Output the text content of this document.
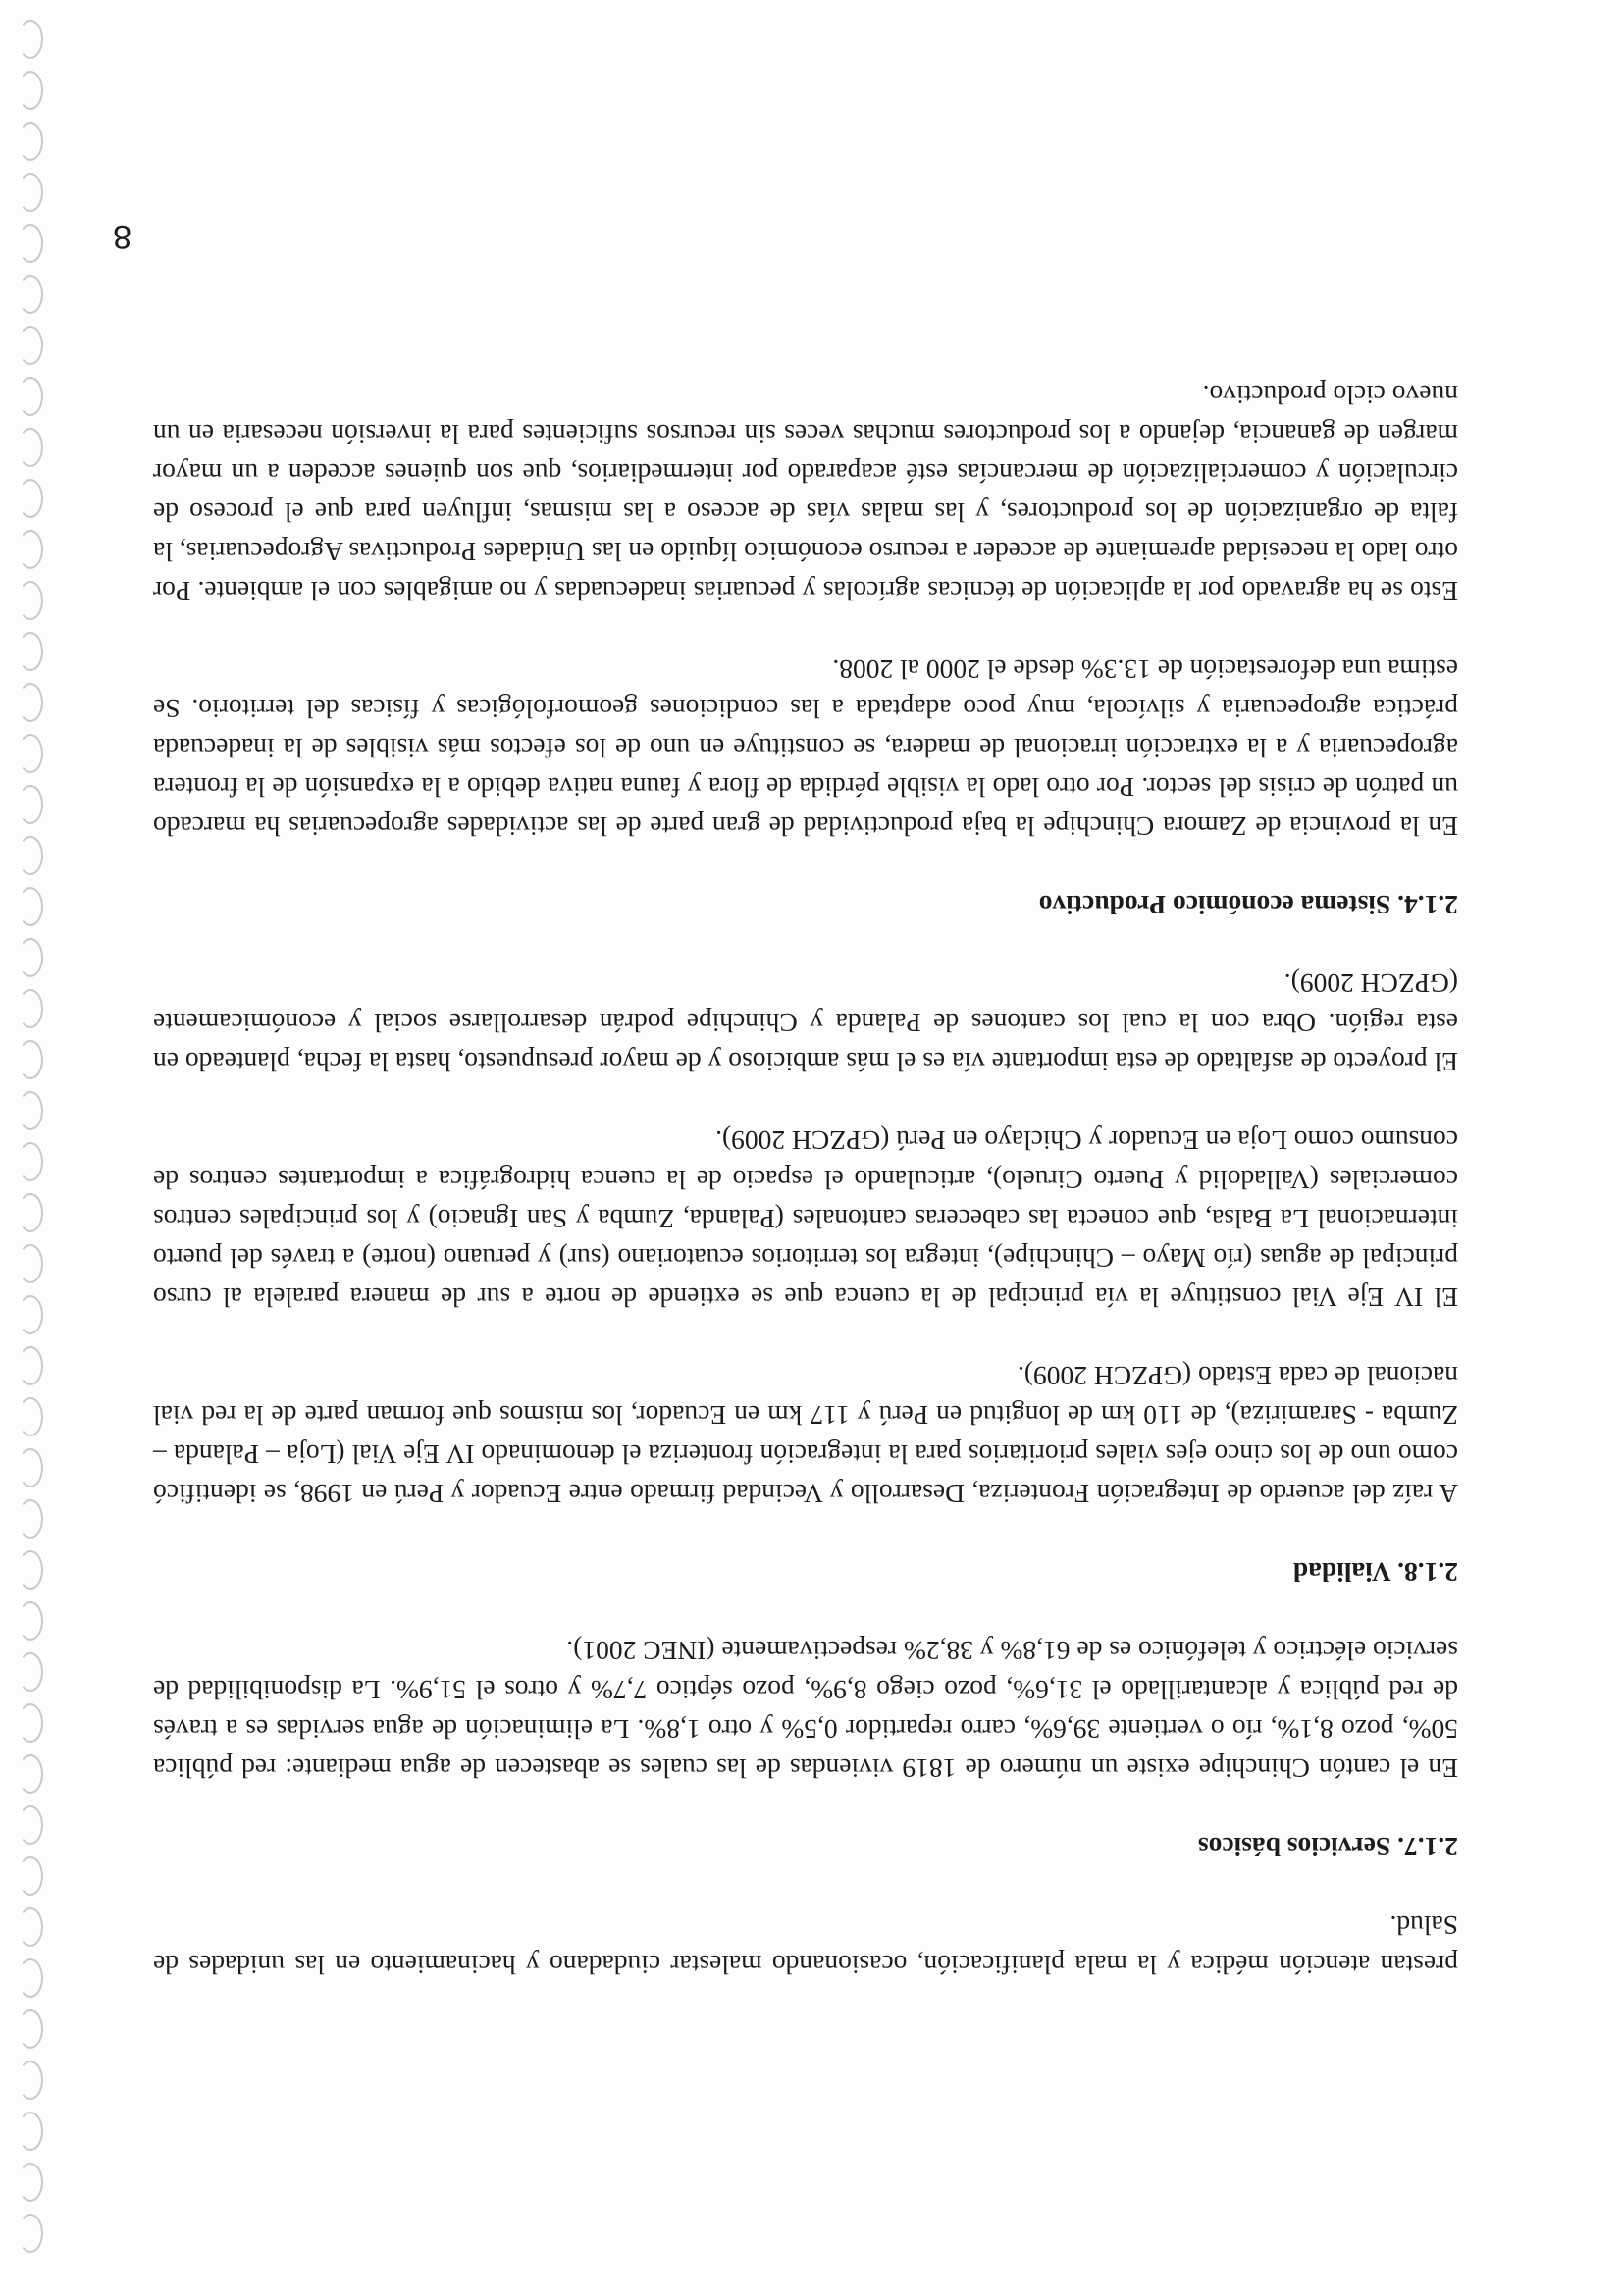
prestan atención médica y la mala planificación, ocasionando malestar ciudadano y hacinamiento en las unidades de Salud.

2.1.7. Servicios básicos

En el cantón Chinchipe existe un número de 1819 viviendas de las cuales se abastecen de agua mediante: red pública 50%, pozo 8,1%, río o vertiente 39,6%, carro repartidor 0,5% y otro 1,8%. La eliminación de agua servidas es a través de red pública y alcantarillado el 31,6%, pozo ciego 8,9%, pozo séptico 7,7% y otros el 51,9%. La disponibilidad de servicio eléctrico y telefónico es de 61,8% y 38,2% respectivamente (INEC 2001).

2.1.8. Vialidad

A raíz del acuerdo de Integración Fronteriza, Desarrollo y Vecindad firmado entre Ecuador y Perú en 1998, se identificó como uno de los cinco ejes viales prioritarios para la integración fronteriza el denominado IV Eje Vial (Loja – Palanda – Zumba - Saramiriza), de 110 km de longitud en Perú y 117 km en Ecuador, los mismos que forman parte de la red vial nacional de cada Estado (GPZCH 2009).

El IV Eje Vial constituye la vía principal de la cuenca que se extiende de norte a sur de manera paralela al curso principal de aguas (río Mayo – Chinchipe), integra los territorios ecuatoriano (sur) y peruano (norte) a través del puerto internacional La Balsa, que conecta las cabeceras cantonales (Palanda, Zumba y San Ignacio) y los principales centros comerciales (Valladolid y Puerto Ciruelo), articulando el espacio de la cuenca hidrográfica a importantes centros de consumo como Loja en Ecuador y Chiclayo en Perú (GPZCH 2009).

El proyecto de asfaltado de esta importante vía es el más ambicioso y de mayor presupuesto, hasta la fecha, planteado en esta región. Obra con la cual los cantones de Palanda y Chinchipe podrán desarrollarse social y económicamente (GPZCH 2009).

2.1.4. Sistema económico Productivo

En la provincia de Zamora Chinchipe la baja productividad de gran parte de las actividades agropecuarias ha marcado un patrón de crisis del sector. Por otro lado la visible pérdida de flora y fauna nativa debido a la expansión de la frontera agropecuaria y a la extracción irracional de madera, se constituye en uno de los efectos más visibles de la inadecuada práctica agropecuaria y silvícola, muy poco adaptada a las condiciones geomorfológicas y físicas del territorio. Se estima una deforestación de 13.3% desde el 2000 al 2008.

Esto se ha agravado por la aplicación de técnicas agrícolas y pecuarias inadecuadas y no amigables con el ambiente. Por otro lado la necesidad apremiante de acceder a recurso económico líquido en las Unidades Productivas Agropecuarias, la falta de organización de los productores, y las malas vías de acceso a las mismas, influyen para que el proceso de circulación y comercialización de mercancías esté acaparado por intermediarios, que son quienes acceden a un mayor margen de ganancia, dejando a los productores muchas veces sin recursos suficientes para la inversión necesaria en un nuevo ciclo productivo.

8
